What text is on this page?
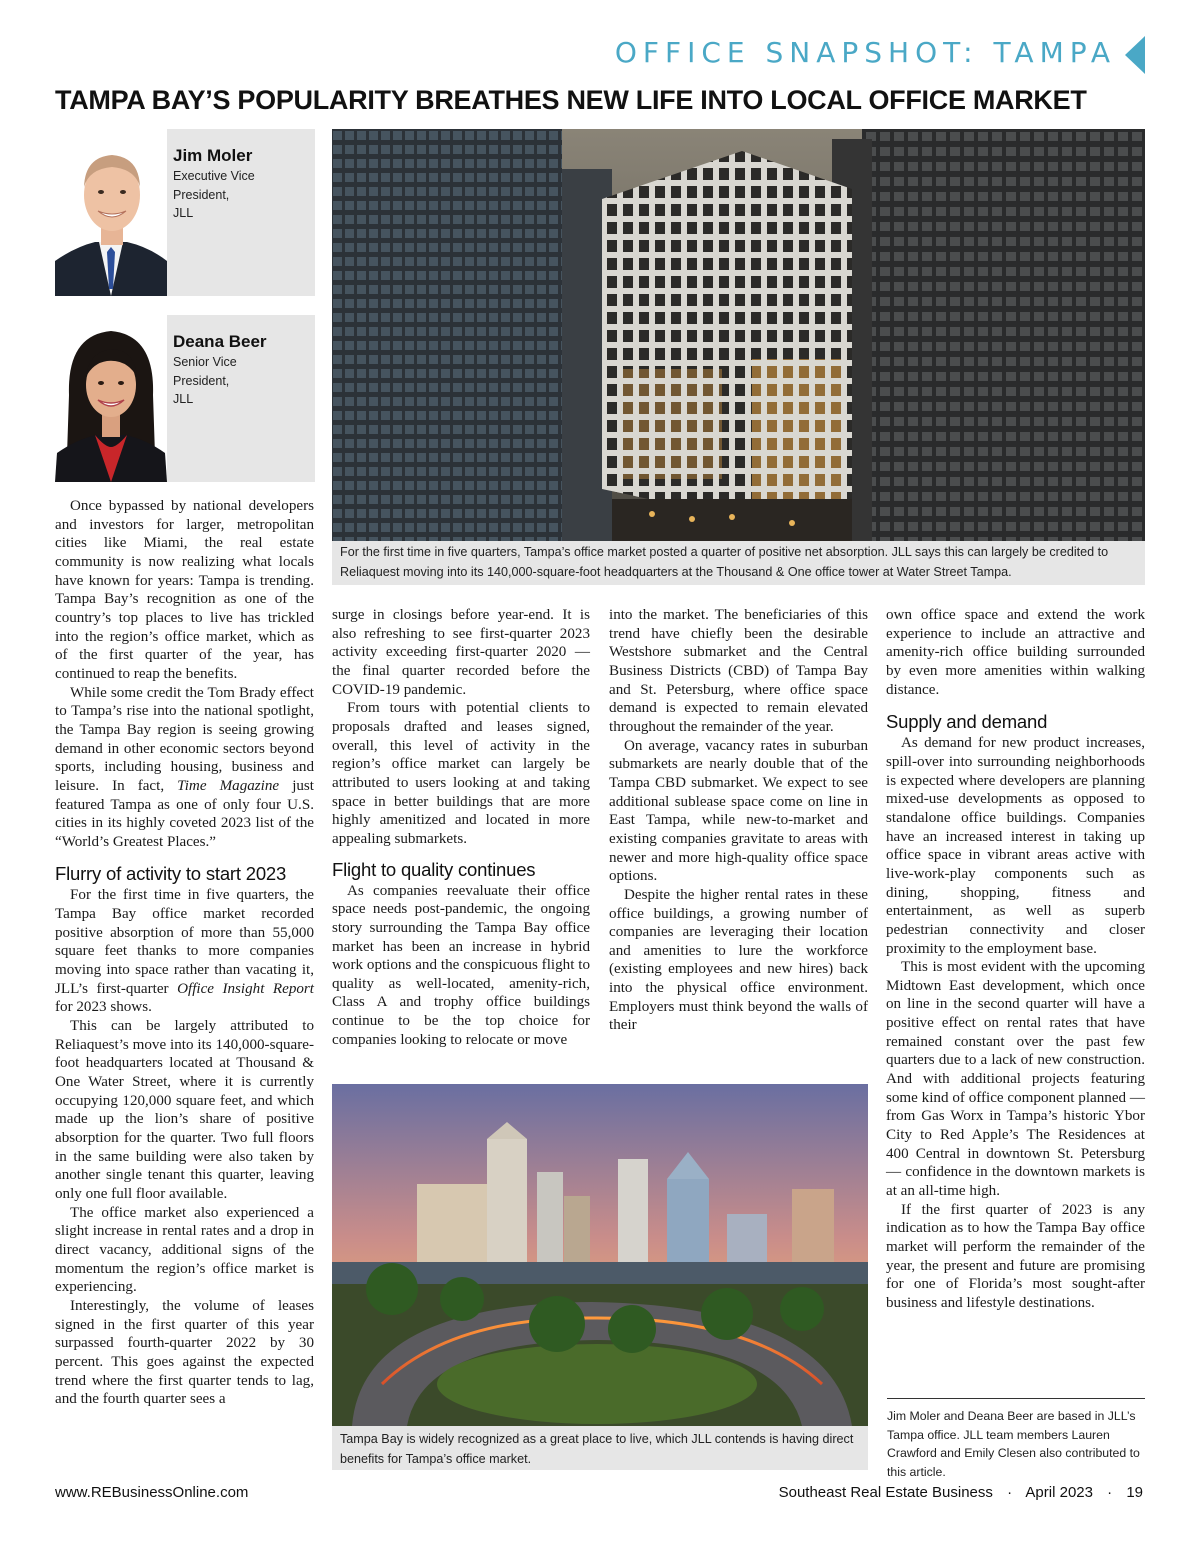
OFFICE SNAPSHOT: TAMPA
TAMPA BAY’S POPULARITY BREATHES NEW LIFE INTO LOCAL OFFICE MARKET
Jim Moler
Executive Vice
President,
JLL
Deana Beer
Senior Vice
President,
JLL
For the first time in five quarters, Tampa’s office market posted a quarter of positive net absorption. JLL says this can largely be credited to Reliaquest moving into its 140,000-square-foot headquarters at the Thousand & One office tower at Water Street Tampa.
Tampa Bay is widely recognized as a great place to live, which JLL contends is having direct benefits for Tampa’s office market.

Once bypassed by national developers and investors for larger, metropolitan cities like Miami, the real estate community is now realizing what locals have known for years: Tampa is trending. Tampa Bay’s recognition as one of the country’s top places to live has trickled into the region’s office market, which as of the first quarter of the year, has continued to reap the benefits.

While some credit the Tom Brady effect to Tampa’s rise into the national spotlight, the Tampa Bay region is seeing growing demand in other economic sectors beyond sports, including housing, business and leisure. In fact, Time Magazine just featured Tampa as one of only four U.S. cities in its highly coveted 2023 list of the “World’s Greatest Places.”

Flurry of activity to start 2023

For the first time in five quarters, the Tampa Bay office market recorded positive absorption of more than 55,000 square feet thanks to more companies moving into space rather than vacating it, JLL’s first-quarter Office Insight Report for 2023 shows.

This can be largely attributed to Reliaquest’s move into its 140,000-square-foot headquarters located at Thousand & One Water Street, where it is currently occupying 120,000 square feet, and which made up the lion’s share of positive absorption for the quarter. Two full floors in the same building were also taken by another single tenant this quarter, leaving only one full floor available.

The office market also experienced a slight increase in rental rates and a drop in direct vacancy, additional signs of the momentum the region’s office market is experiencing.

Interestingly, the volume of leases signed in the first quarter of this year surpassed fourth-quarter 2022 by 30 percent. This goes against the expected trend where the first quarter tends to lag, and the fourth quarter sees a

surge in closings before year-end. It is also refreshing to see first-quarter 2023 activity exceeding first-quarter 2020 — the final quarter recorded before the COVID-19 pandemic.

From tours with potential clients to proposals drafted and leases signed, overall, this level of activity in the region’s office market can largely be attributed to users looking at and taking space in better buildings that are more highly amenitized and located in more appealing submarkets.

Flight to quality continues

As companies reevaluate their office space needs post-pandemic, the ongoing story surrounding the Tampa Bay office market has been an increase in hybrid work options and the conspicuous flight to quality as well-located, amenity-rich, Class A and trophy office buildings continue to be the top choice for companies looking to relocate or move

into the market. The beneficiaries of this trend have chiefly been the desirable Westshore submarket and the Central Business Districts (CBD) of Tampa Bay and St. Petersburg, where office space demand is expected to remain elevated throughout the remainder of the year.

On average, vacancy rates in suburban submarkets are nearly double that of the Tampa CBD submarket. We expect to see additional sublease space come on line in East Tampa, while new-to-market and existing companies gravitate to areas with newer and more high-quality office space options.

Despite the higher rental rates in these office buildings, a growing number of companies are leveraging their location and amenities to lure the workforce (existing employees and new hires) back into the physical office environment. Employers must think beyond the walls of their

own office space and extend the work experience to include an attractive and amenity-rich office building surrounded by even more amenities within walking distance.

Supply and demand

As demand for new product increases, spill-over into surrounding neighborhoods is expected where developers are planning mixed-use developments as opposed to standalone office buildings. Companies have an increased interest in taking up office space in vibrant areas active with live-work-play components such as dining, shopping, fitness and entertainment, as well as superb pedestrian connectivity and closer proximity to the employment base.

This is most evident with the upcoming Midtown East development, which once on line in the second quarter will have a positive effect on rental rates that have remained constant over the past few quarters due to a lack of new construction. And with additional projects featuring some kind of office component planned — from Gas Worx in Tampa’s historic Ybor City to Red Apple’s The Residences at 400 Central in downtown St. Petersburg — confidence in the downtown markets is at an all-time high.

If the first quarter of 2023 is any indication as to how the Tampa Bay office market will perform the remainder of the year, the present and future are promising for one of Florida’s most sought-after business and lifestyle destinations.

Jim Moler and Deana Beer are based in JLL’s Tampa office. JLL team members Lauren Crawford and Emily Clesen also contributed to this article.
www.REBusinessOnline.com	Southeast Real Estate Business · April 2023 · 19
